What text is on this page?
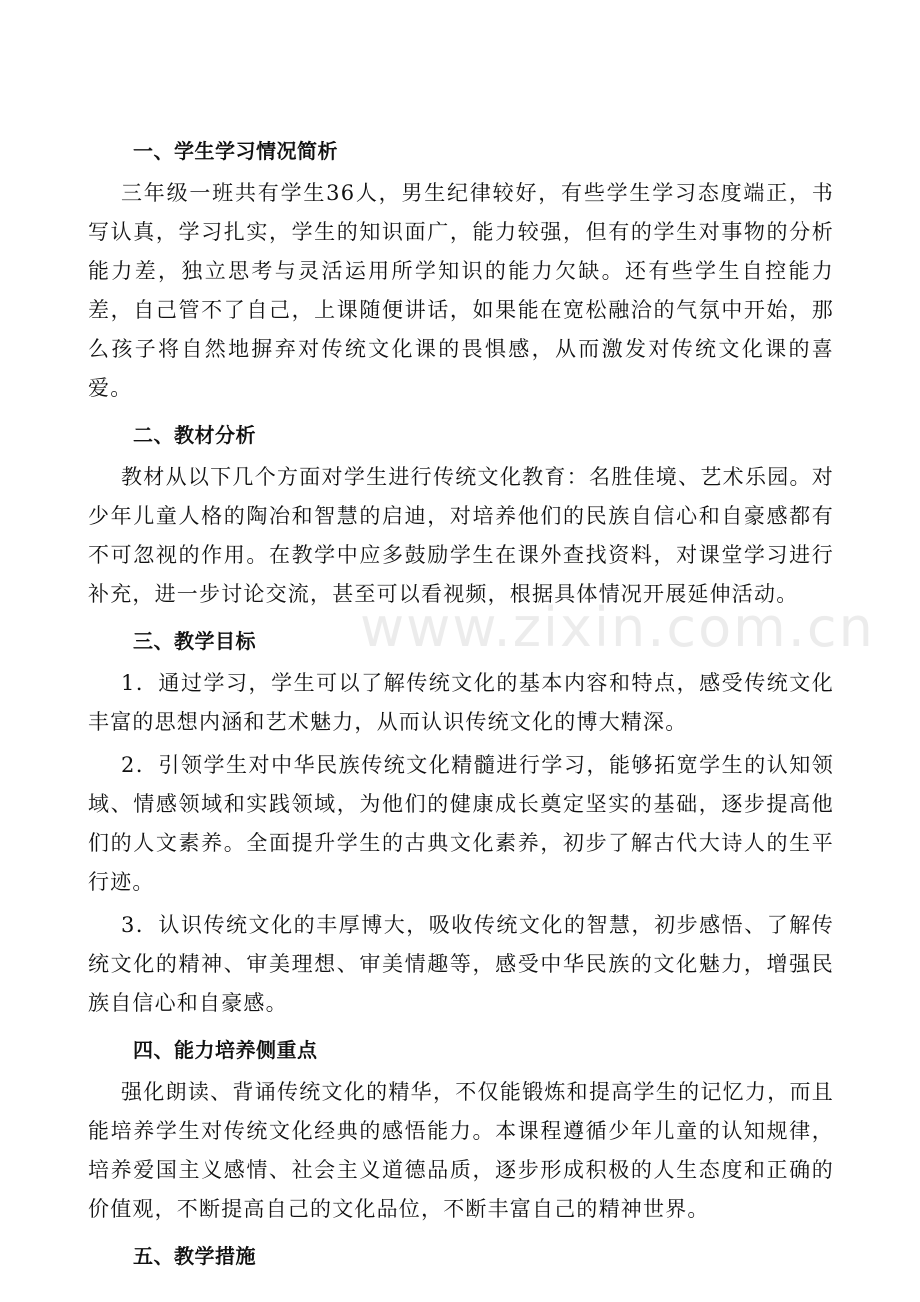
一、学生学习情况简析

三年级一班共有学生36人，男生纪律较好，有些学生学习态度端正，书写认真，学习扎实，学生的知识面广，能力较强，但有的学生对事物的分析能力差，独立思考与灵活运用所学知识的能力欠缺。还有些学生自控能力差，自己管不了自己，上课随便讲话，如果能在宽松融洽的气氛中开始，那么孩子将自然地摒弃对传统文化课的畏惧感，从而激发对传统文化课的喜爱。

二、教材分析

教材从以下几个方面对学生进行传统文化教育：名胜佳境、艺术乐园。对少年儿童人格的陶冶和智慧的启迪，对培养他们的民族自信心和自豪感都有不可忽视的作用。在教学中应多鼓励学生在课外查找资料，对课堂学习进行补充，进一步讨论交流，甚至可以看视频，根据具体情况开展延伸活动。

三、教学目标

1．通过学习，学生可以了解传统文化的基本内容和特点，感受传统文化丰富的思想内涵和艺术魅力，从而认识传统文化的博大精深。

2．引领学生对中华民族传统文化精髓进行学习，能够拓宽学生的认知领域、情感领域和实践领域，为他们的健康成长奠定坚实的基础，逐步提高他们的人文素养。全面提升学生的古典文化素养，初步了解古代大诗人的生平行迹。

3．认识传统文化的丰厚博大，吸收传统文化的智慧，初步感悟、了解传统文化的精神、审美理想、审美情趣等，感受中华民族的文化魅力，增强民族自信心和自豪感。

四、能力培养侧重点

强化朗读、背诵传统文化的精华，不仅能锻炼和提高学生的记忆力，而且能培养学生对传统文化经典的感悟能力。本课程遵循少年儿童的认知规律，培养爱国主义感情、社会主义道德品质，逐步形成积极的人生态度和正确的价值观，不断提高自己的文化品位，不断丰富自己的精神世界。

五、教学措施
www.zixin.com.cn
